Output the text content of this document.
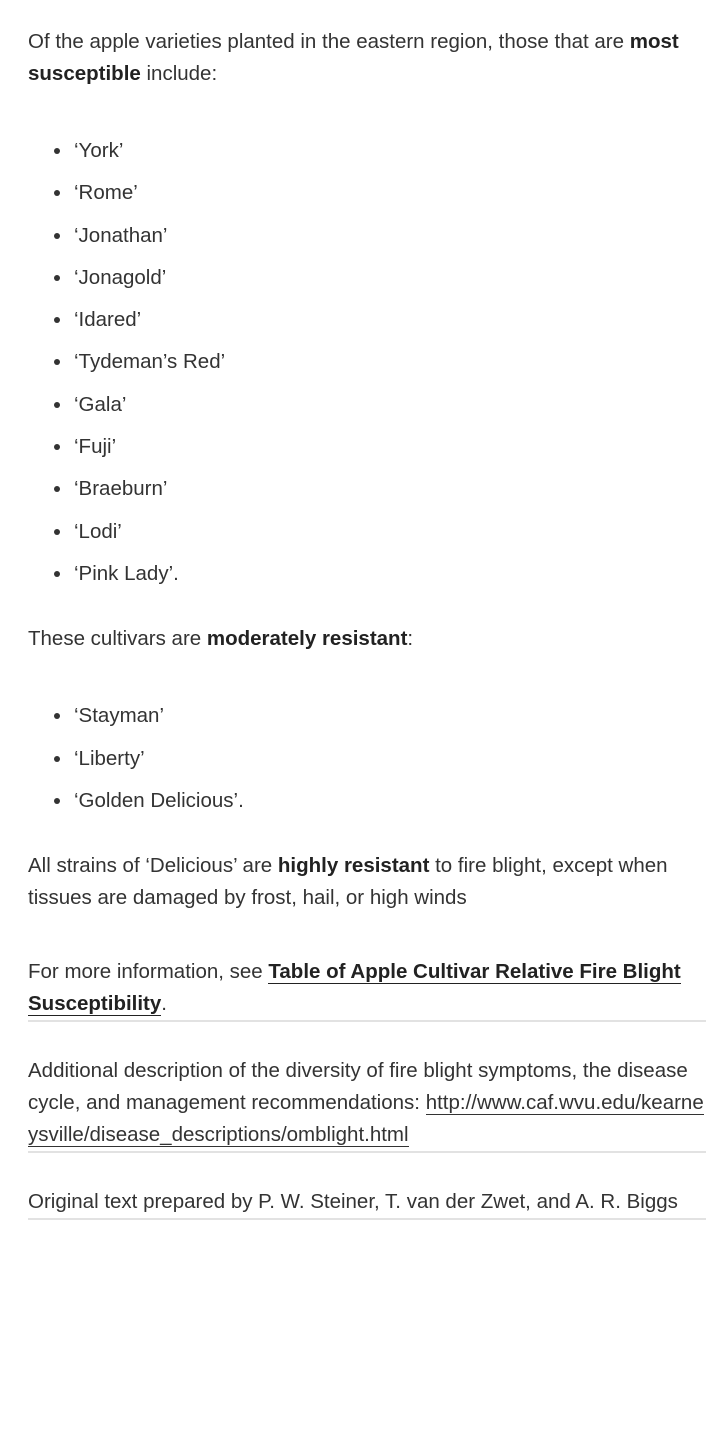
Of the apple varieties planted in the eastern region, those that are most susceptible include:

‘York’
‘Rome’
‘Jonathan’
‘Jonagold’
‘Idared’
‘Tydeman’s Red’
‘Gala’
‘Fuji’
‘Braeburn’
‘Lodi’
‘Pink Lady’.

These cultivars are moderately resistant:

‘Stayman’
‘Liberty’
‘Golden Delicious’.

All strains of ‘Delicious’ are highly resistant to fire blight, except when tissues are damaged by frost, hail, or high winds

For more information, see Table of Apple Cultivar Relative Fire Blight Susceptibility.

Additional description of the diversity of fire blight symptoms, the disease cycle, and management recommendations: http://www.caf.wvu.edu/kearneysville/disease_descriptions/omblight.html

Original text prepared by P. W. Steiner, T. van der Zwet, and A. R. Biggs
